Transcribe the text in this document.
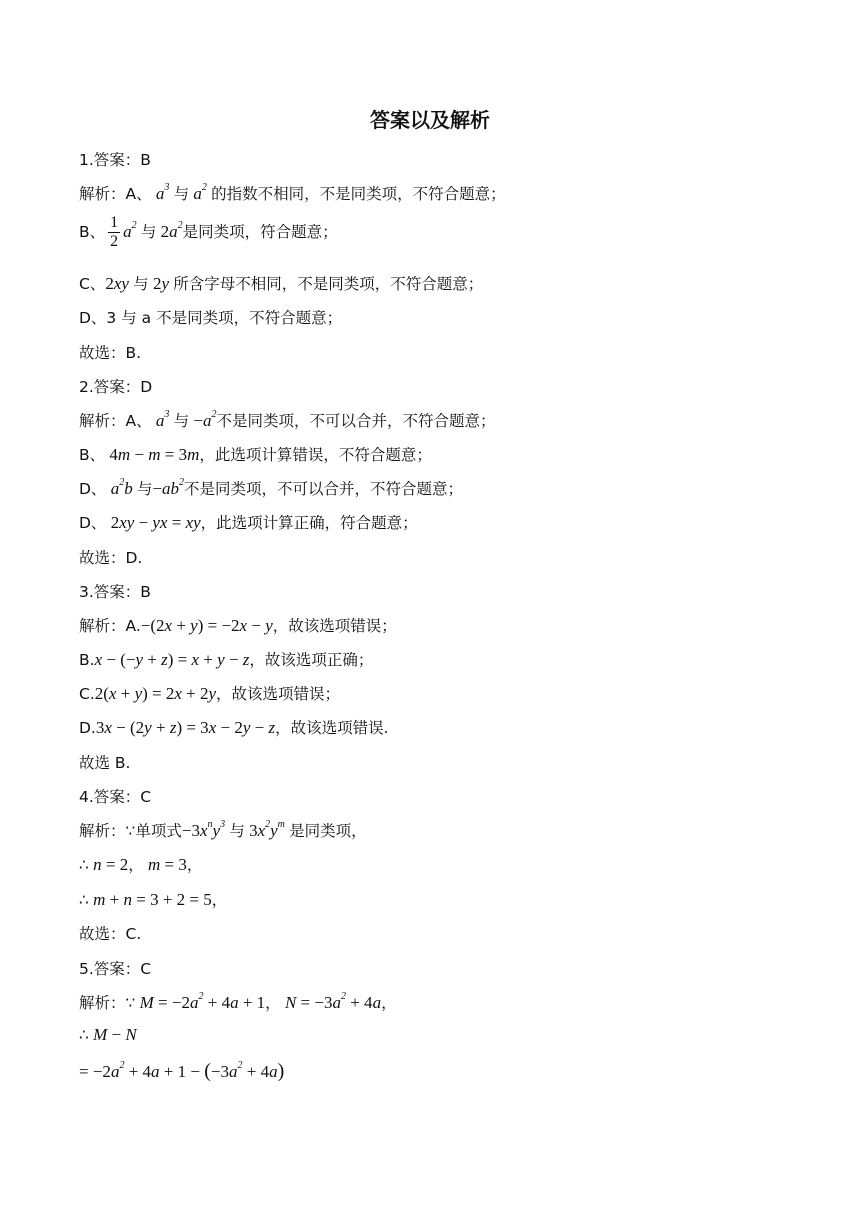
答案以及解析
1.答案：B
解析：A、 $a^3$ 与 $a^2$ 的指数不相同，不是同类项，不符合题意；
B、 $\frac{1}{2} a^2$ 与 $2a^2$是同类项，符合题意；
C、2xy 与 2y 所含字母不相同，不是同类项，不符合题意；
D、3 与 a 不是同类项，不符合题意；
故选：B.
2.答案：D
解析：A、 $a^3$ 与 $-a^2$不是同类项，不可以合并，不符合题意；
B、 4m − m = 3m，此选项计算错误，不符合题意；
D、 $a^2b$ 与$-ab^2$不是同类项，不可以合并，不符合题意；
D、 2xy − yx = xy，此选项计算正确，符合题意；
故选：D.
3.答案：B
解析：A.−(2x + y) = −2x − y，故该选项错误；
B.x − (−y + z) = x + y − z，故该选项正确；
C.2(x + y) = 2x + 2y，故该选项错误；
D.3x − (2y + z) = 3x − 2y − z，故该选项错误.
故选 B.
4.答案：C
解析：∵单项式$-3x^ny^3$ 与 $3x^2y^m$ 是同类项，
∴ n = 2， m = 3，
∴ m + n = 3 + 2 = 5，
故选：C.
5.答案：C
解析：∵ $M = -2a^2 + 4a + 1$， $N = -3a^2 + 4a$，
∴ M − N
= $-2a^2 + 4a + 1 - (-3a^2 + 4a)$
